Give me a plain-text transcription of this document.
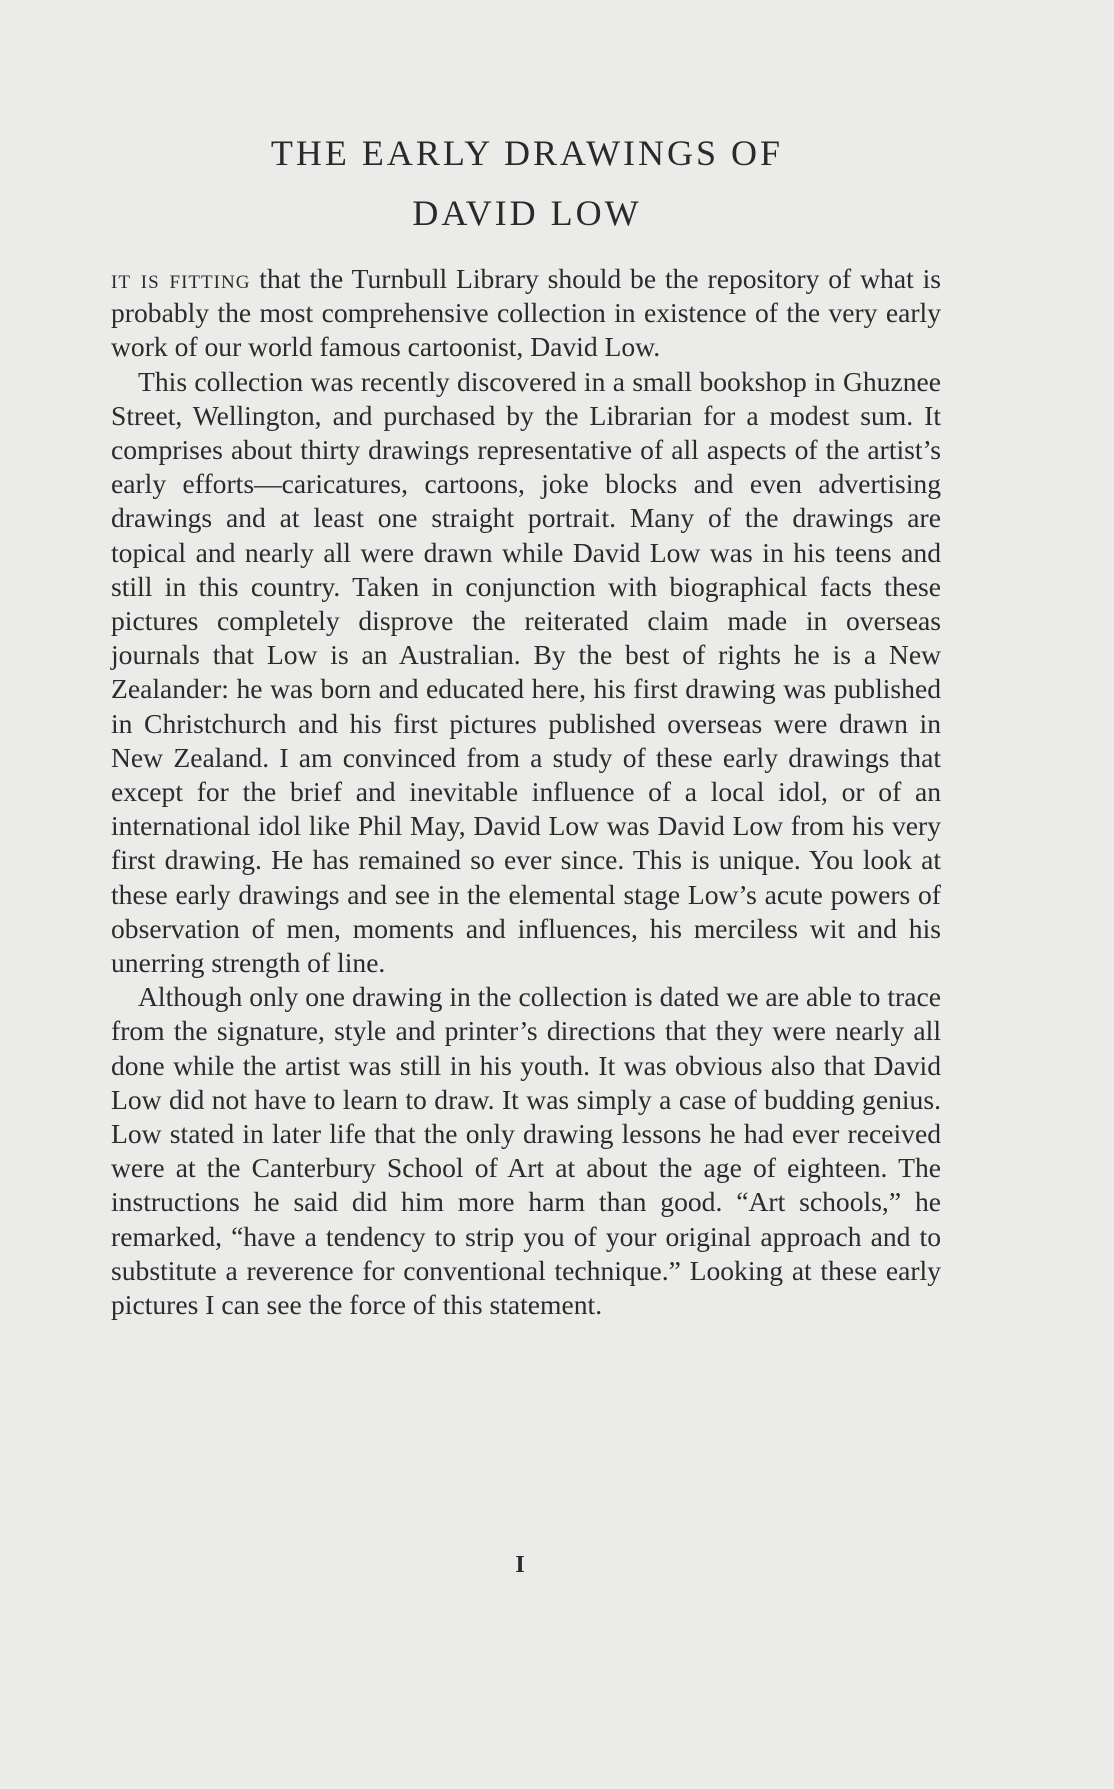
THE EARLY DRAWINGS OF
DAVID LOW

it is fitting that the Turnbull Library should be the repository of what is probably the most comprehensive collection in existence of the very early work of our world famous cartoonist, David Low.

This collection was recently discovered in a small bookshop in Ghuznee Street, Wellington, and purchased by the Librarian for a modest sum. It comprises about thirty drawings representative of all aspects of the artist’s early efforts—caricatures, cartoons, joke blocks and even advertising drawings and at least one straight portrait. Many of the drawings are topical and nearly all were drawn while David Low was in his teens and still in this country. Taken in conjunction with biographical facts these pictures completely disprove the reiterated claim made in overseas journals that Low is an Australian. By the best of rights he is a New Zealander: he was born and educated here, his first drawing was published in Christchurch and his first pictures published overseas were drawn in New Zealand. I am convinced from a study of these early drawings that except for the brief and inevitable influence of a local idol, or of an international idol like Phil May, David Low was David Low from his very first drawing. He has remained so ever since. This is unique. You look at these early drawings and see in the elemental stage Low’s acute powers of observation of men, moments and influences, his merciless wit and his unerring strength of line.

Although only one drawing in the collection is dated we are able to trace from the signature, style and printer’s directions that they were nearly all done while the artist was still in his youth. It was obvious also that David Low did not have to learn to draw. It was simply a case of budding genius. Low stated in later life that the only drawing lessons he had ever received were at the Canterbury School of Art at about the age of eighteen. The instructions he said did him more harm than good. “Art schools,” he remarked, “have a tendency to strip you of your original approach and to substitute a reverence for conventional technique.” Looking at these early pictures I can see the force of this statement.

I
